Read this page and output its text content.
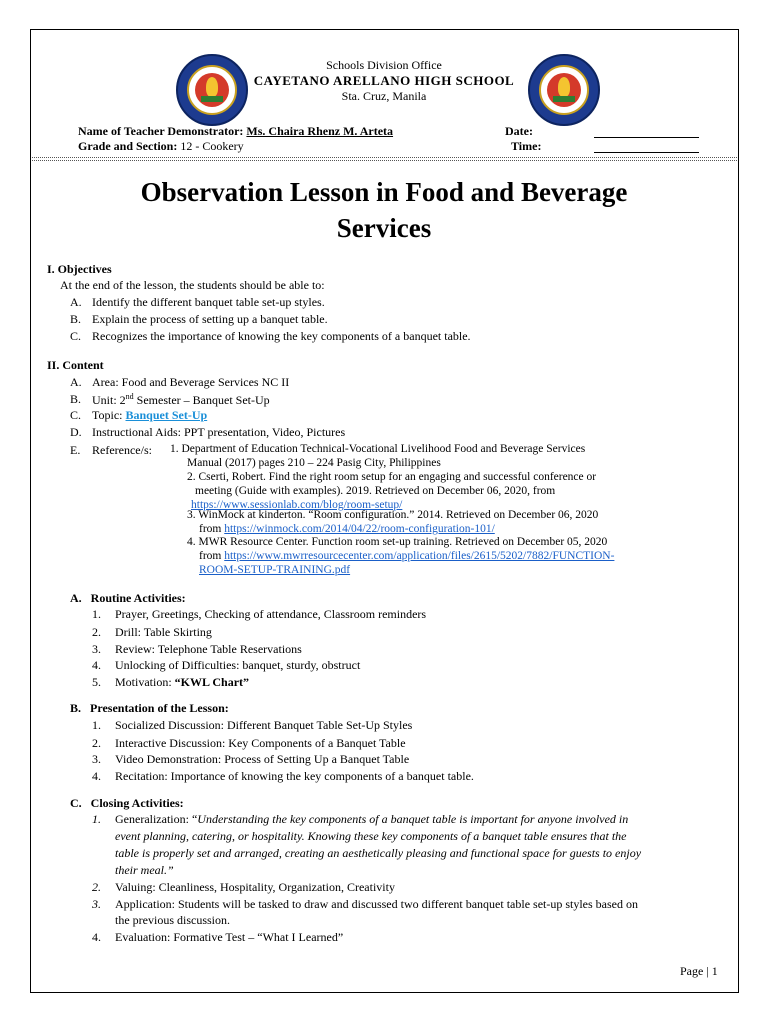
Schools Division Office
CAYETANO ARELLANO HIGH SCHOOL
Sta. Cruz, Manila
Name of Teacher Demonstrator: Ms. Chaira Rhenz M. Arteta
Grade and Section: 12 - Cookery
Date:
Time:
Observation Lesson in Food and Beverage
Services
I. Objectives
At the end of the lesson, the students should be able to:
A. Identify the different banquet table set-up styles.
B. Explain the process of setting up a banquet table.
C. Recognizes the importance of knowing the key components of a banquet table.
II. Content
A. Area: Food and Beverage Services NC II
B. Unit: 2nd Semester – Banquet Set-Up
C. Topic: Banquet Set-Up
D. Instructional Aids: PPT presentation, Video, Pictures
E. Reference/s: 1. Department of Education Technical-Vocational Livelihood Food and Beverage Services
Manual (2017) pages 210 – 224 Pasig City, Philippines
2. Cserti, Robert. Find the right room setup for an engaging and successful conference or
meeting (Guide with examples). 2019. Retrieved on December 06, 2020, from
https://www.sessionlab.com/blog/room-setup/
3. WinMock at kinderton. “Room configuration.” 2014. Retrieved on December 06, 2020
from https://winmock.com/2014/04/22/room-configuration-101/
4. MWR Resource Center. Function room set-up training. Retrieved on December 05, 2020
from https://www.mwrresourcecenter.com/application/files/2615/5202/7882/FUNCTION-
ROOM-SETUP-TRAINING.pdf
A.   Routine Activities:
1. Prayer, Greetings, Checking of attendance, Classroom reminders
2. Drill: Table Skirting
3. Review: Telephone Table Reservations
4. Unlocking of Difficulties: banquet, sturdy, obstruct
5. Motivation: “KWL Chart”
B.   Presentation of the Lesson:
1. Socialized Discussion: Different Banquet Table Set-Up Styles
2. Interactive Discussion: Key Components of a Banquet Table
3. Video Demonstration: Process of Setting Up a Banquet Table
4. Recitation: Importance of knowing the key components of a banquet table.
C.   Closing Activities:
1. Generalization: “Understanding the key components of a banquet table is important for anyone involved in
event planning, catering, or hospitality. Knowing these key components of a banquet table ensures that the
table is properly set and arranged, creating an aesthetically pleasing and functional space for guests to enjoy
their meal.”
2. Valuing: Cleanliness, Hospitality, Organization, Creativity
3. Application: Students will be tasked to draw and discussed two different banquet table set-up styles based on
the previous discussion.
4. Evaluation: Formative Test – “What I Learned”
Page | 1
